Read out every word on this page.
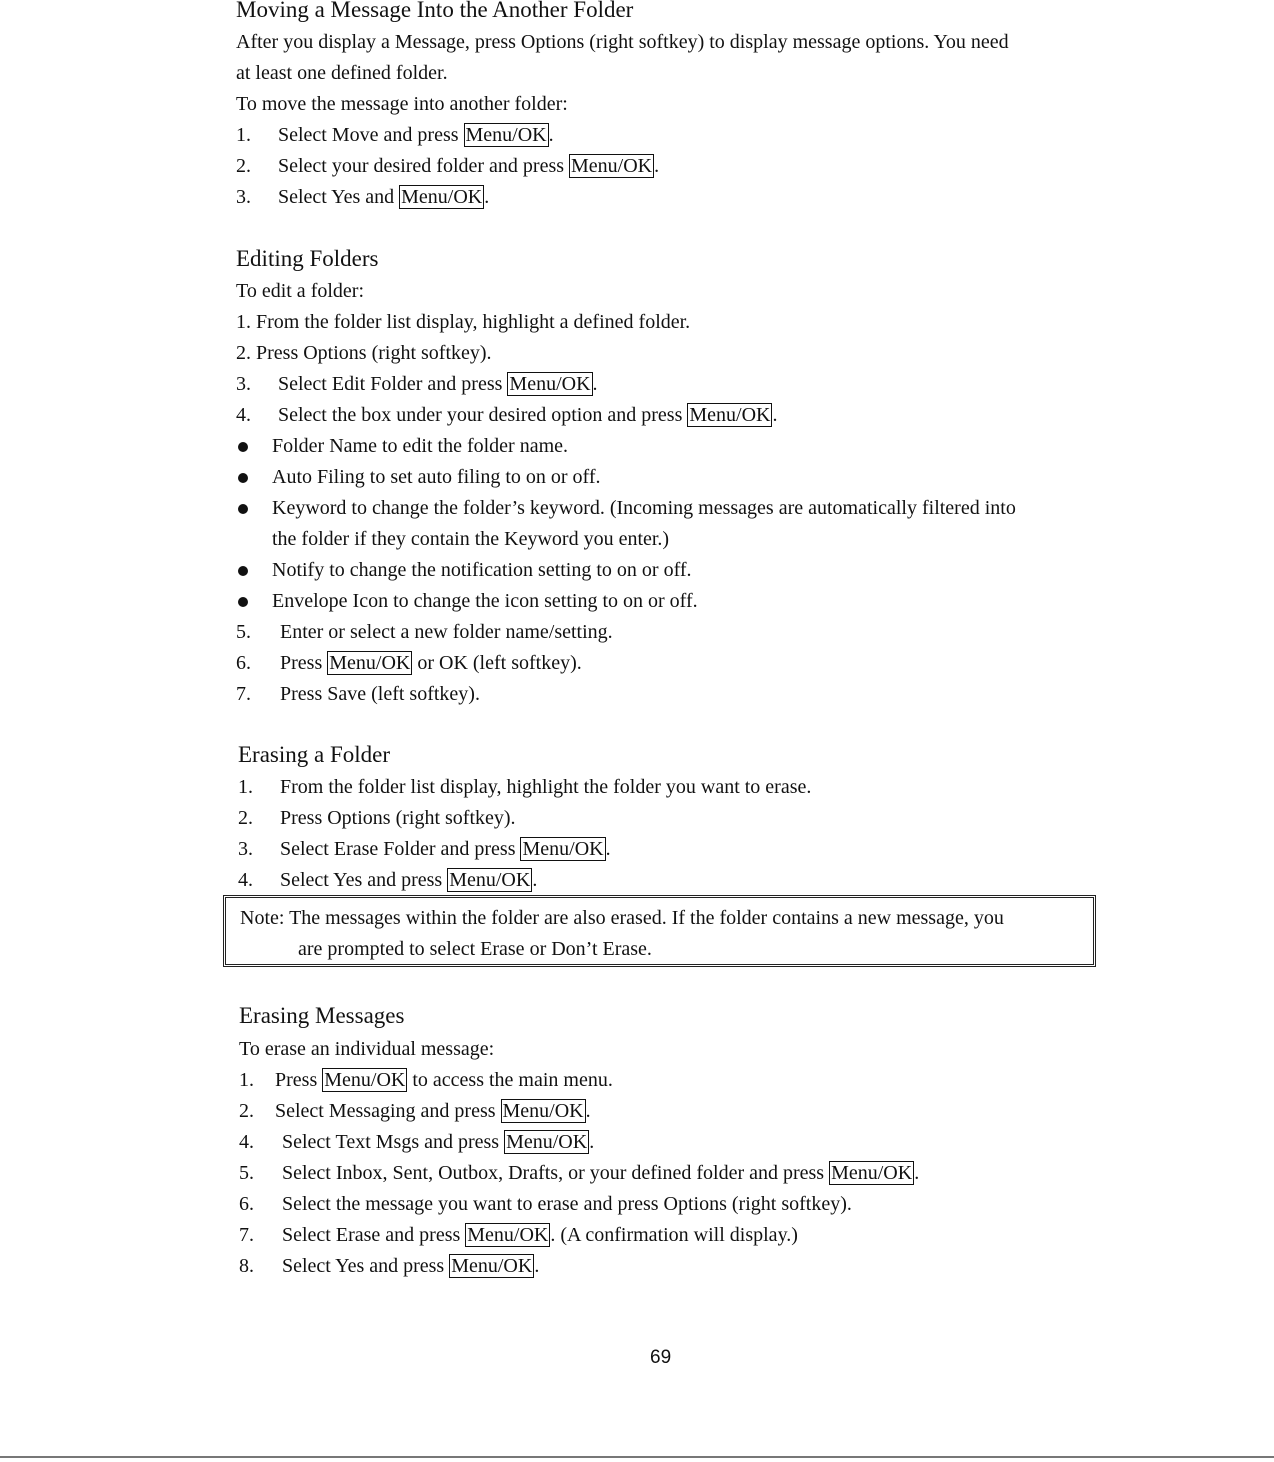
Moving a Message Into the Another Folder
After you display a Message, press Options (right softkey) to display message options. You need
at least one defined folder.
To move the message into another folder:
1. Select Move and press Menu/OK .
2. Select your desired folder and press Menu/OK .
3. Select Yes and Menu/OK .
Editing Folders
To edit a folder:
1. From the folder list display, highlight a defined folder.
2. Press Options (right softkey).
3. Select Edit Folder and press Menu/OK .
4. Select the box under your desired option and press Menu/OK .
Folder Name to edit the folder name.
Auto Filing to set auto filing to on or off.
Keyword to change the folder’s keyword. (Incoming messages are automatically filtered into
the folder if they contain the Keyword you enter.)
Notify to change the notification setting to on or off.
Envelope Icon to change the icon setting to on or off.
5. Enter or select a new folder name/setting.
6. Press Menu/OK or OK (left softkey).
7. Press Save (left softkey).
Erasing a Folder
1. From the folder list display, highlight the folder you want to erase.
2. Press Options (right softkey).
3. Select Erase Folder and press Menu/OK .
4. Select Yes and press Menu/OK .
Note: The messages within the folder are also erased. If the folder contains a new message, you
are prompted to select Erase or Don’t Erase.
Erasing Messages
To erase an individual message:
1. Press Menu/OK to access the main menu.
2. Select Messaging and press Menu/OK .
4. Select Text Msgs and press Menu/OK .
5. Select Inbox, Sent, Outbox, Drafts, or your defined folder and press Menu/OK .
6. Select the message you want to erase and press Options (right softkey).
7. Select Erase and press Menu/OK . (A confirmation will display.)
8. Select Yes and press Menu/OK .
69
